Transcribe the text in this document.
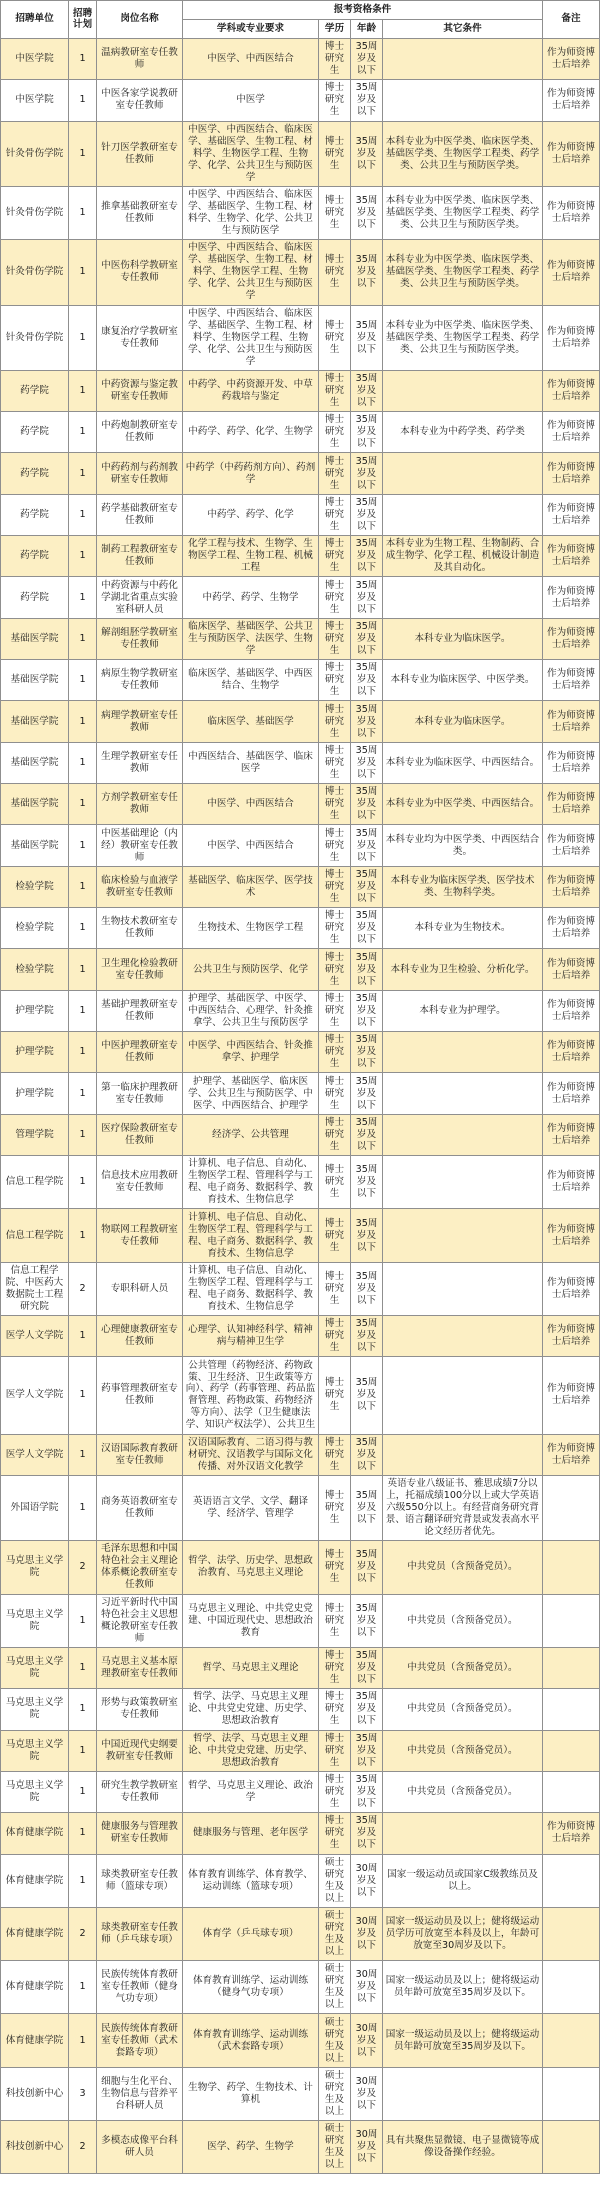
招聘单位	招聘计划	岗位名称	报考资格条件				备注
			学科或专业要求	学历	年龄	其它条件	
中医学院	1	温病教研室专任教师	中医学、中西医结合	博士研究生	35周岁及以下		作为师资博士后培养
中医学院	1	中医各家学说教研室专任教师	中医学	博士研究生	35周岁及以下		作为师资博士后培养
针灸骨伤学院	1	针刀医学教研室专任教师	中医学、中西医结合、临床医学、基础医学、生物工程、材料学、生物医学工程、生物学、化学、公共卫生与预防医学	博士研究生	35周岁及以下	本科专业为中医学类、临床医学类、基础医学类、生物医学工程类、药学类、公共卫生与预防医学类。	作为师资博士后培养
针灸骨伤学院	1	推拿基础教研室专任教师	中医学、中西医结合、临床医学、基础医学、生物工程、材料学、生物学、化学、公共卫生与预防医学	博士研究生	35周岁及以下	本科专业为中医学类、临床医学类、基础医学类、生物医学工程类、药学类、公共卫生与预防医学类。	作为师资博士后培养
针灸骨伤学院	1	中医伤科学教研室专任教师	中医学、中西医结合、临床医学、基础医学、生物工程、材料学、生物医学工程、生物学、化学、公共卫生与预防医学	博士研究生	35周岁及以下	本科专业为中医学类、临床医学类、基础医学类、生物医学工程类、药学类、公共卫生与预防医学类。	作为师资博士后培养
针灸骨伤学院	1	康复治疗学教研室专任教师	中医学、中西医结合、临床医学、基础医学、生物工程、材料学、生物医学工程、生物学、化学、公共卫生与预防医学	博士研究生	35周岁及以下	本科专业为中医学类、临床医学类、基础医学类、生物医学工程类、药学类、公共卫生与预防医学类。	作为师资博士后培养
药学院	1	中药资源与鉴定教研室专任教师	中药学、中药资源开发、中草药栽培与鉴定	博士研究生	35周岁及以下		作为师资博士后培养
药学院	1	中药炮制教研室专任教师	中药学、药学、化学、生物学	博士研究生	35周岁及以下	本科专业为中药学类、药学类	作为师资博士后培养
药学院	1	中药药剂与药剂教研室专任教师	中药学（中药药剂方向）、药剂学	博士研究生	35周岁及以下		作为师资博士后培养
药学院	1	药学基础教研室专任教师	中药学、药学、化学	博士研究生	35周岁及以下		作为师资博士后培养
药学院	1	制药工程教研室专任教师	化学工程与技术、生物学、生物医学工程、生物工程、机械工程	博士研究生	35周岁及以下	本科专业为生物工程、生物制药、合成生物学、化学工程、机械设计制造及其自动化。	作为师资博士后培养
药学院	1	中药资源与中药化学湖北省重点实验室科研人员	中药学、药学、生物学	博士研究生	35周岁及以下		作为师资博士后培养
基础医学院	1	解剖组胚学教研室专任教师	临床医学、基础医学、公共卫生与预防医学、法医学、生物学	博士研究生	35周岁及以下	本科专业为临床医学。	作为师资博士后培养
基础医学院	1	病原生物学教研室专任教师	临床医学、基础医学、中西医结合、生物学	博士研究生	35周岁及以下	本科专业为临床医学、中医学类。	作为师资博士后培养
基础医学院	1	病理学教研室专任教师	临床医学、基础医学	博士研究生	35周岁及以下	本科专业为临床医学。	作为师资博士后培养
基础医学院	1	生理学教研室专任教师	中西医结合、基础医学、临床医学	博士研究生	35周岁及以下	本科专业为临床医学、中西医结合。	作为师资博士后培养
基础医学院	1	方剂学教研室专任教师	中医学、中西医结合	博士研究生	35周岁及以下	本科专业为中医学类、中西医结合。	作为师资博士后培养
基础医学院	1	中医基础理论（内经）教研室专任教师	中医学、中西医结合	博士研究生	35周岁及以下	本科专业均为中医学类、中西医结合类。	作为师资博士后培养
检验学院	1	临床检验与血液学教研室专任教师	基础医学、临床医学、医学技术	博士研究生	35周岁及以下	本科专业为临床医学类、医学技术类、生物科学类。	作为师资博士后培养
检验学院	1	生物技术教研室专任教师	生物技术、生物医学工程	博士研究生	35周岁及以下	本科专业为生物技术。	作为师资博士后培养
检验学院	1	卫生理化检验教研室专任教师	公共卫生与预防医学、化学	博士研究生	35周岁及以下	本科专业为卫生检验、分析化学。	作为师资博士后培养
护理学院	1	基础护理教研室专任教师	护理学、基础医学、中医学、中西医结合、心理学、针灸推拿学、公共卫生与预防医学	博士研究生	35周岁及以下	本科专业为护理学。	作为师资博士后培养
护理学院	1	中医护理教研室专任教师	中医学、中西医结合、针灸推拿学、护理学	博士研究生	35周岁及以下		作为师资博士后培养
护理学院	1	第一临床护理教研室专任教师	护理学、基础医学、临床医学、公共卫生与预防医学、中医学、中西医结合、护理学	博士研究生	35周岁及以下		作为师资博士后培养
管理学院	1	医疗保险教研室专任教师	经济学、公共管理	博士研究生	35周岁及以下		作为师资博士后培养
信息工程学院	1	信息技术应用教研室专任教师	计算机、电子信息、自动化、生物医学工程、管理科学与工程、电子商务、数据科学、教育技术、生物信息学	博士研究生	35周岁及以下		作为师资博士后培养
信息工程学院	1	物联网工程教研室专任教师	计算机、电子信息、自动化、生物医学工程、管理科学与工程、电子商务、数据科学、教育技术、生物信息学	博士研究生	35周岁及以下		作为师资博士后培养
信息工程学院、中医药大数据院士工程研究院	2	专职科研人员	计算机、电子信息、自动化、生物医学工程、管理科学与工程、电子商务、数据科学、教育技术、生物信息学	博士研究生	35周岁及以下		作为师资博士后培养
医学人文学院	1	心理健康教研室专任教师	心理学、认知神经科学、精神病与精神卫生学	博士研究生	35周岁及以下		作为师资博士后培养
医学人文学院	1	药事管理教研室专任教师	公共管理（药物经济、药物政策、卫生经济、卫生政策等方向）、药学（药事管理、药品监督管理、药物政策、药物经济等方向）、法学（卫生健康法学、知识产权法学）、公共卫生	博士研究生	35周岁及以下		作为师资博士后培养
医学人文学院	1	汉语国际教育教研室专任教师	汉语国际教育、二语习得与教材研究、汉语教学与国际文化传播、对外汉语文化教学	博士研究生	35周岁及以下		作为师资博士后培养
外国语学院	1	商务英语教研室专任教师	英语语言文学、文学、翻译学、经济学、管理学	博士研究生	35周岁及以下	英语专业八级证书、雅思成绩7分以上，托福成绩100分以上或大学英语六级550分以上。有经营商务研究背景、语言翻译研究背景或发表高水平论文经历者优先。	
马克思主义学院	2	毛泽东思想和中国特色社会主义理论体系概论教研室专任教师	哲学、法学、历史学、思想政治教育、马克思主义理论	博士研究生	35周岁及以下	中共党员（含预备党员）。	
马克思主义学院	1	习近平新时代中国特色社会主义思想概论教研室专任教师	马克思主义理论、中共党史党建、中国近现代史、思想政治教育	博士研究生	35周岁及以下	中共党员（含预备党员）。	
马克思主义学院	1	马克思主义基本原理教研室专任教师	哲学、马克思主义理论	博士研究生	35周岁及以下	中共党员（含预备党员）。	
马克思主义学院	1	形势与政策教研室专任教师	哲学、法学、马克思主义理论、中共党史党建、历史学、思想政治教育	博士研究生	35周岁及以下	中共党员（含预备党员）。	
马克思主义学院	1	中国近现代史纲要教研室专任教师	哲学、法学、马克思主义理论、中共党史党建、历史学、思想政治教育	博士研究生	35周岁及以下	中共党员（含预备党员）。	
马克思主义学院	1	研究生教学教研室专任教师	哲学、马克思主义理论、政治学	博士研究生	35周岁及以下	中共党员（含预备党员）。	
体育健康学院	1	健康服务与管理教研室专任教师	健康服务与管理、老年医学	博士研究生	35周岁及以下		作为师资博士后培养
体育健康学院	1	球类教研室专任教师（篮球专项）	体育教育训练学、体育教学、运动训练（篮球专项）	硕士研究生及以上	30周岁及以下	国家一级运动员或国家C级教练员及以上。	
体育健康学院	2	球类教研室专任教师（乒乓球专项）	体育学（乒乓球专项）	硕士研究生及以上	30周岁及以下	国家一级运动员及以上；健将级运动员学历可放宽至本科及以上，年龄可放宽至30周岁及以下。	
体育健康学院	1	民族传统体育教研室专任教师（健身气功专项）	体育教育训练学、运动训练（健身气功专项）	硕士研究生及以上	30周岁及以下	国家一级运动员及以上；健将级运动员年龄可放宽至35周岁及以下。	
体育健康学院	1	民族传统体育教研室专任教师（武术套路专项）	体育教育训练学、运动训练（武术套路专项）	硕士研究生及以上	30周岁及以下	国家一级运动员及以上；健将级运动员年龄可放宽至35周岁及以下。	
科技创新中心	3	细胞与生化平台、生物信息与营养平台科研人员	生物学、药学、生物技术、计算机	硕士研究生及以上	30周岁及以下		
科技创新中心	2	多模态成像平台科研人员	医学、药学、生物学	硕士研究生及以上	30周岁及以下	具有共聚焦显微镜、电子显微镜等成像设备操作经验。	
